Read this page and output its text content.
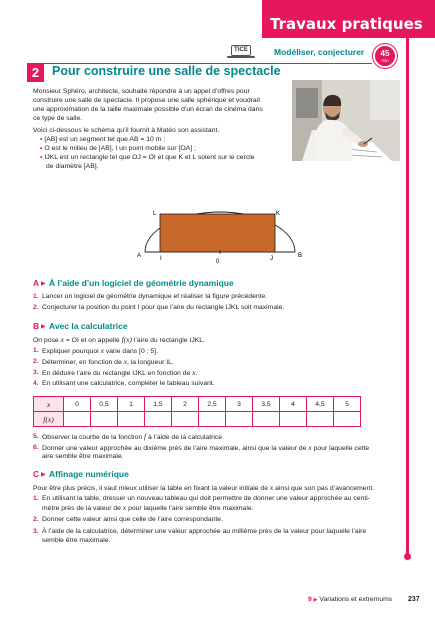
Travaux pratiques
TICE	Modéliser, conjecturer	45
min
2	Pour construire une salle de spectacle
Monsieur Sphéro, architecte, souhaite répondre à un appel d’offres pour
construire une salle de spectacle. Il propose une salle sphérique et voudrait
une approximation de la taille maximale possible d’un écran de cinéma dans
ce type de salle.
Voici ci-dessous le schéma qu’il fournit à Matéo son assistant.
• [AB] est un segment tel que AB = 10 m ;
• O est le milieu de [AB], I un point mobile sur [OA] ;
• IJKL est un rectangle tel que OJ = OI et que K et L soient sur le cercle
de diamètre [AB].
L	K
A	I	0	J	B
A ▶ À l’aide d’un logiciel de géométrie dynamique
1. Lancer un logiciel de géométrie dynamique et réaliser la figure précédente.
2. Conjecturer la position du point I pour que l’aire du rectangle IJKL soit maximale.
B ▶ Avec la calculatrice
On pose x = OI et on appelle f(x) l’aire du rectangle IJKL.
1. Expliquer pourquoi x varie dans [0 ; 5].
2. Déterminer, en fonction de x, la longueur IL.
3. En déduire l’aire du rectangle IJKL en fonction de x.
4. En utilisant une calculatrice, compléter le tableau suivant.
x	0	0,5	1	1,5	2	2,5	3	3,5	4	4,5	5
f(x)											
5. Observer la courbe de la fonction f à l’aide de la calculatrice.
6. Donner une valeur approchée au dixième près de l’aire maximale, ainsi que la valeur de x pour laquelle cette
aire semble être maximale.
C ▶ Affinage numérique
Pour être plus précis, il vaut mieux utiliser la table en fixant la valeur initiale de x ainsi que son pas d’avancement.
1. En utilisant la table, dresser un nouveau tableau qui doit permettre de donner une valeur approchée au centi-
mètre près de la valeur de x pour laquelle l’aire semble être maximale.
2. Donner cette valeur ainsi que celle de l’aire correspondante.
3. À l’aide de la calculatrice, déterminer une valeur approchée au millième près de la valeur pour laquelle l’aire
semble être maximale.
9 ▶ Variations et extremums 237
